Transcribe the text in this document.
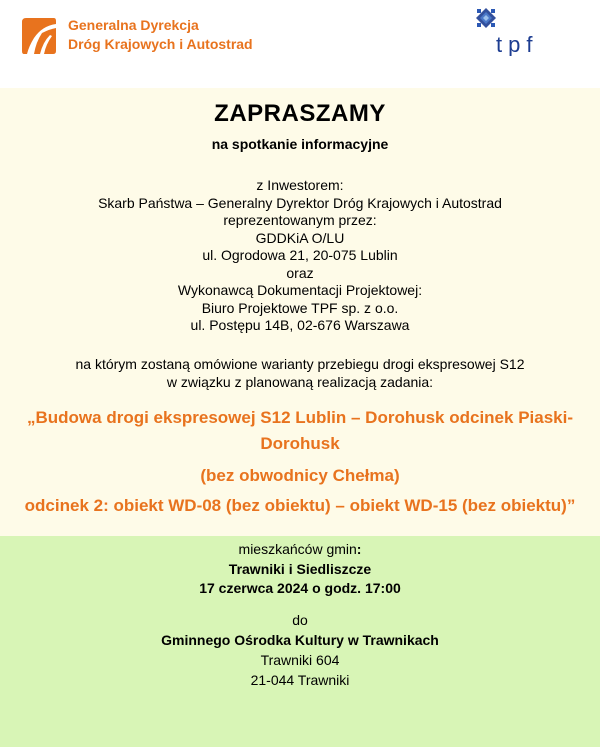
Generalna Dyrekcja
Dróg Krajowych i Autostrad	tpf
ZAPRASZAMY
na spotkanie informacyjne
z Inwestorem:
Skarb Państwa – Generalny Dyrektor Dróg Krajowych i Autostrad
reprezentowanym przez:
GDDKiA O/LU
ul. Ogrodowa 21, 20-075 Lublin
oraz
Wykonawcą Dokumentacji Projektowej:
Biuro Projektowe TPF sp. z o.o.
ul. Postępu 14B, 02-676 Warszawa
na którym zostaną omówione warianty przebiegu drogi ekspresowej S12
w związku z planowaną realizacją zadania:
„Budowa drogi ekspresowej S12 Lublin – Dorohusk odcinek Piaski-
Dorohusk
(bez obwodnicy Chełma)
odcinek 2: obiekt WD-08 (bez obiektu) – obiekt WD-15 (bez obiektu)”
mieszkańców gmin:
Trawniki i Siedliszcze
17 czerwca 2024 o godz. 17:00
do
Gminnego Ośrodka Kultury w Trawnikach
Trawniki 604
21-044 Trawniki
